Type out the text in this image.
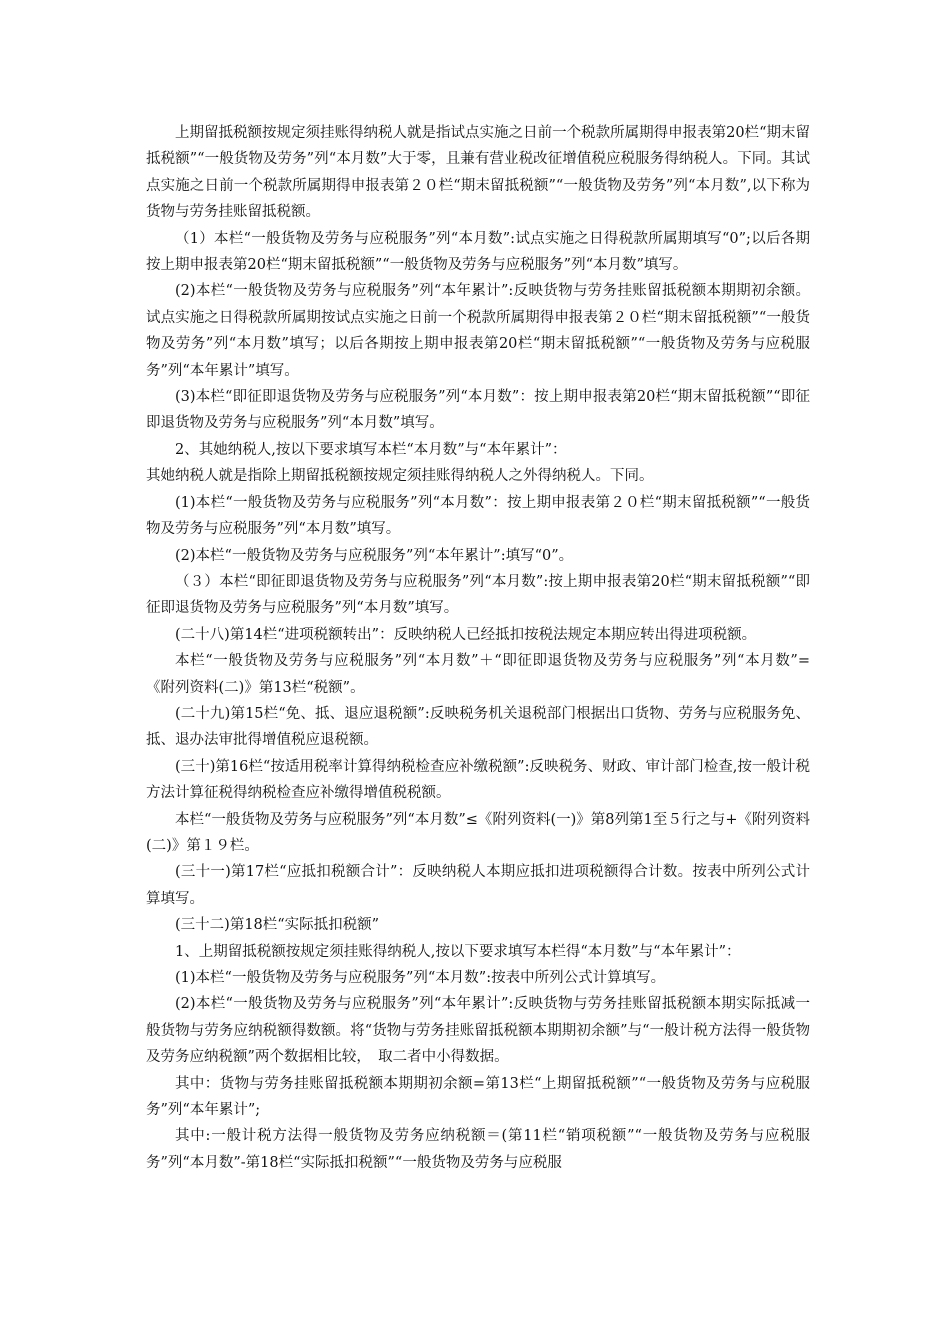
上期留抵税额按规定须挂账得纳税人就是指试点实施之日前一个税款所属期得申报表第20栏“期末留抵税额”“一般货物及劳务”列“本月数”大于零，且兼有营业税改征增值税应税服务得纳税人。下同。其试点实施之日前一个税款所属期得申报表第２０栏“期末留抵税额”“一般货物及劳务”列“本月数”,以下称为货物与劳务挂账留抵税额。

（1）本栏“一般货物及劳务与应税服务”列“本月数”:试点实施之日得税款所属期填写“0”;以后各期按上期申报表第20栏“期末留抵税额”“一般货物及劳务与应税服务”列“本月数”填写。

(2)本栏“一般货物及劳务与应税服务”列“本年累计”:反映货物与劳务挂账留抵税额本期期初余额。试点实施之日得税款所属期按试点实施之日前一个税款所属期得申报表第２０栏“期末留抵税额”“一般货物及劳务”列“本月数”填写；以后各期按上期申报表第20栏“期末留抵税额”“一般货物及劳务与应税服务”列“本年累计”填写。

(3)本栏“即征即退货物及劳务与应税服务”列“本月数”：按上期申报表第20栏“期末留抵税额”“即征即退货物及劳务与应税服务”列“本月数”填写。

2、其她纳税人,按以下要求填写本栏“本月数”与“本年累计”：

其她纳税人就是指除上期留抵税额按规定须挂账得纳税人之外得纳税人。下同。

(1)本栏“一般货物及劳务与应税服务”列“本月数”：按上期申报表第２０栏“期末留抵税额”“一般货物及劳务与应税服务”列“本月数”填写。

(2)本栏“一般货物及劳务与应税服务”列“本年累计”:填写“0”。

（３）本栏“即征即退货物及劳务与应税服务”列“本月数”:按上期申报表第20栏“期末留抵税额”“即征即退货物及劳务与应税服务”列“本月数”填写。

(二十八)第14栏“进项税额转出”：反映纳税人已经抵扣按税法规定本期应转出得进项税额。

本栏“一般货物及劳务与应税服务”列“本月数”＋“即征即退货物及劳务与应税服务”列“本月数”=《附列资料(二)》第13栏“税额”。

(二十九)第15栏“免、抵、退应退税额”:反映税务机关退税部门根据出口货物、劳务与应税服务免、抵、退办法审批得增值税应退税额。

(三十)第16栏“按适用税率计算得纳税检查应补缴税额”:反映税务、财政、审计部门检查,按一般计税方法计算征税得纳税检查应补缴得增值税税额。

本栏“一般货物及劳务与应税服务”列“本月数”≤《附列资料(一)》第8列第1至５行之与+《附列资料(二)》第１９栏。

(三十一)第17栏“应抵扣税额合计”：反映纳税人本期应抵扣进项税额得合计数。按表中所列公式计算填写。

(三十二)第18栏“实际抵扣税额”

1、上期留抵税额按规定须挂账得纳税人,按以下要求填写本栏得“本月数”与“本年累计”：

(1)本栏“一般货物及劳务与应税服务”列“本月数”:按表中所列公式计算填写。

(2)本栏“一般货物及劳务与应税服务”列“本年累计”:反映货物与劳务挂账留抵税额本期实际抵减一般货物与劳务应纳税额得数额。将“货物与劳务挂账留抵税额本期期初余额”与“一般计税方法得一般货物及劳务应纳税额”两个数据相比较，　取二者中小得数据。

其中：货物与劳务挂账留抵税额本期期初余额=第13栏“上期留抵税额”“一般货物及劳务与应税服务”列“本年累计”;

其中:一般计税方法得一般货物及劳务应纳税额＝(第11栏“销项税额”“一般货物及劳务与应税服务”列“本月数”-第18栏“实际抵扣税额”“一般货物及劳务与应税服
